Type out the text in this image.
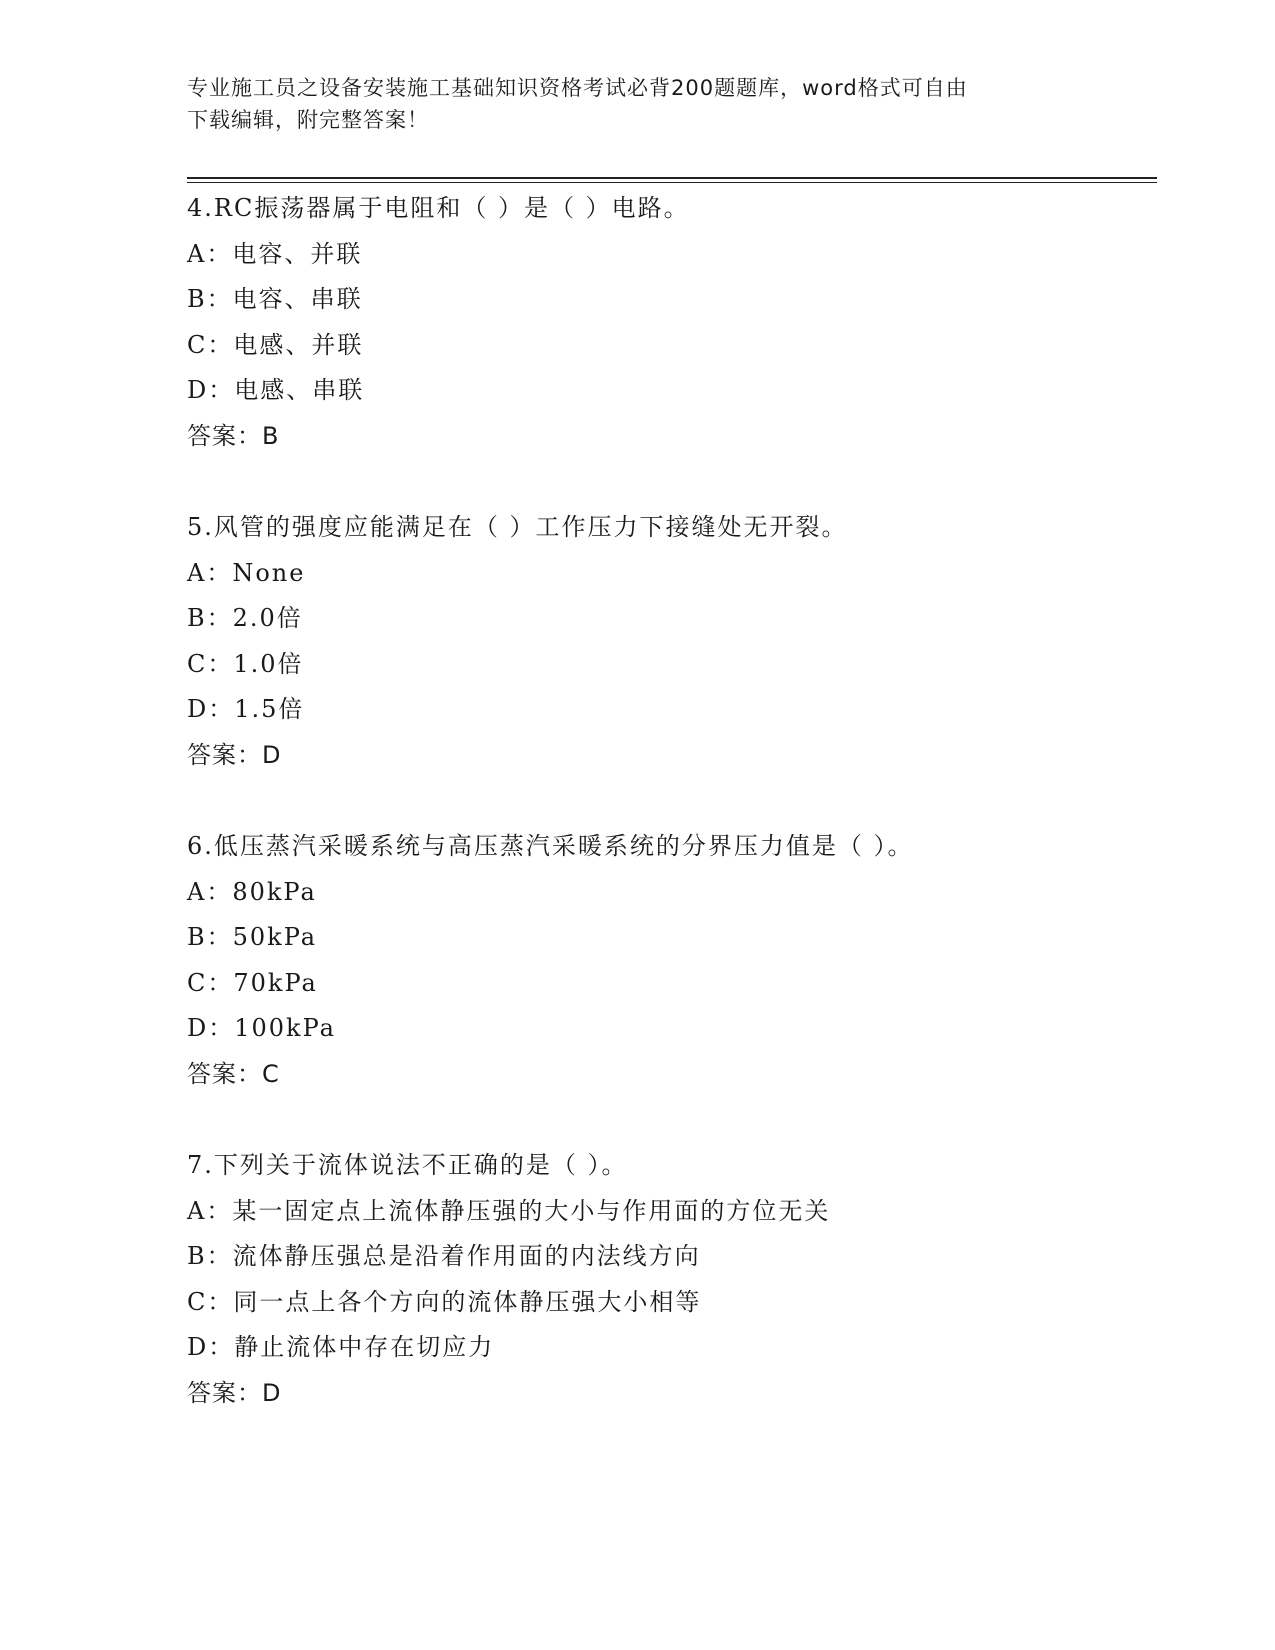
专业施工员之设备安装施工基础知识资格考试必背200题题库，word格式可自由
下载编辑，附完整答案！
4.RC振荡器属于电阻和（ ）是（ ）电路。
A：电容、并联
B：电容、串联
C：电感、并联
D：电感、串联
答案：B
5.风管的强度应能满足在（ ）工作压力下接缝处无开裂。
A：None
B：2.0倍
C：1.0倍
D：1.5倍
答案：D
6.低压蒸汽采暖系统与高压蒸汽采暖系统的分界压力值是（ ）。
A：80kPa
B：50kPa
C：70kPa
D：100kPa
答案：C
7.下列关于流体说法不正确的是（ ）。
A：某一固定点上流体静压强的大小与作用面的方位无关
B：流体静压强总是沿着作用面的内法线方向
C：同一点上各个方向的流体静压强大小相等
D：静止流体中存在切应力
答案：D
